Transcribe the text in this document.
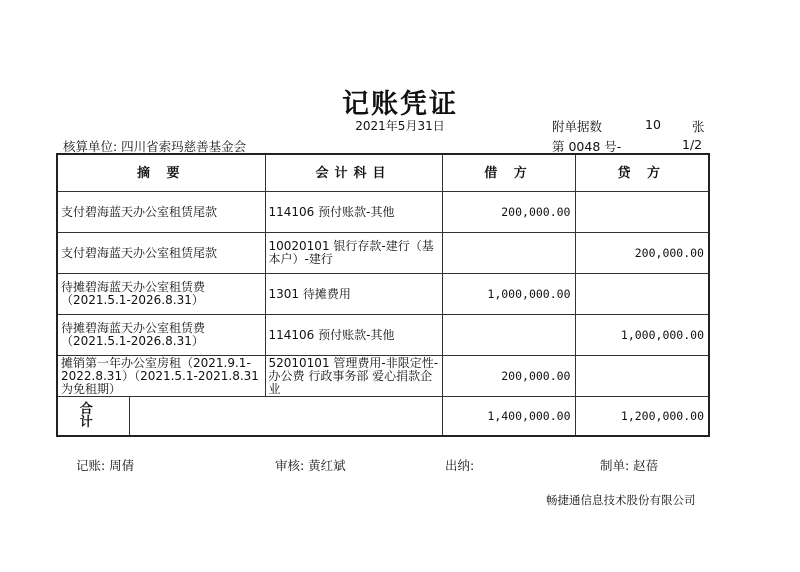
记账凭证
2021年5月31日
核算单位: 四川省索玛慈善基金会
附单据数	10 张
第 0048 号-	1/2
摘 要		会计科目	借 方	贷 方
支付碧海蓝天办公室租赁尾款		114106 预付账款-其他	200,000.00	
支付碧海蓝天办公室租赁尾款		10020101 银行存款-建行（基本户）-建行		200,000.00
待摊碧海蓝天办公室租赁费（2021.5.1-2026.8.31）		1301 待摊费用	1,000,000.00	
待摊碧海蓝天办公室租赁费（2021.5.1-2026.8.31）		114106 预付账款-其他		1,000,000.00
摊销第一年办公室房租（2021.9.1-2022.8.31）（2021.5.1-2021.8.31为免租期）		52010101 管理费用-非限定性-办公费 行政事务部 爱心捐款企业	200,000.00	
合 计			1,400,000.00	1,200,000.00
记账: 周倩	审核: 黄红斌	出纳:	制单: 赵蓓
畅捷通信息技术股份有限公司
